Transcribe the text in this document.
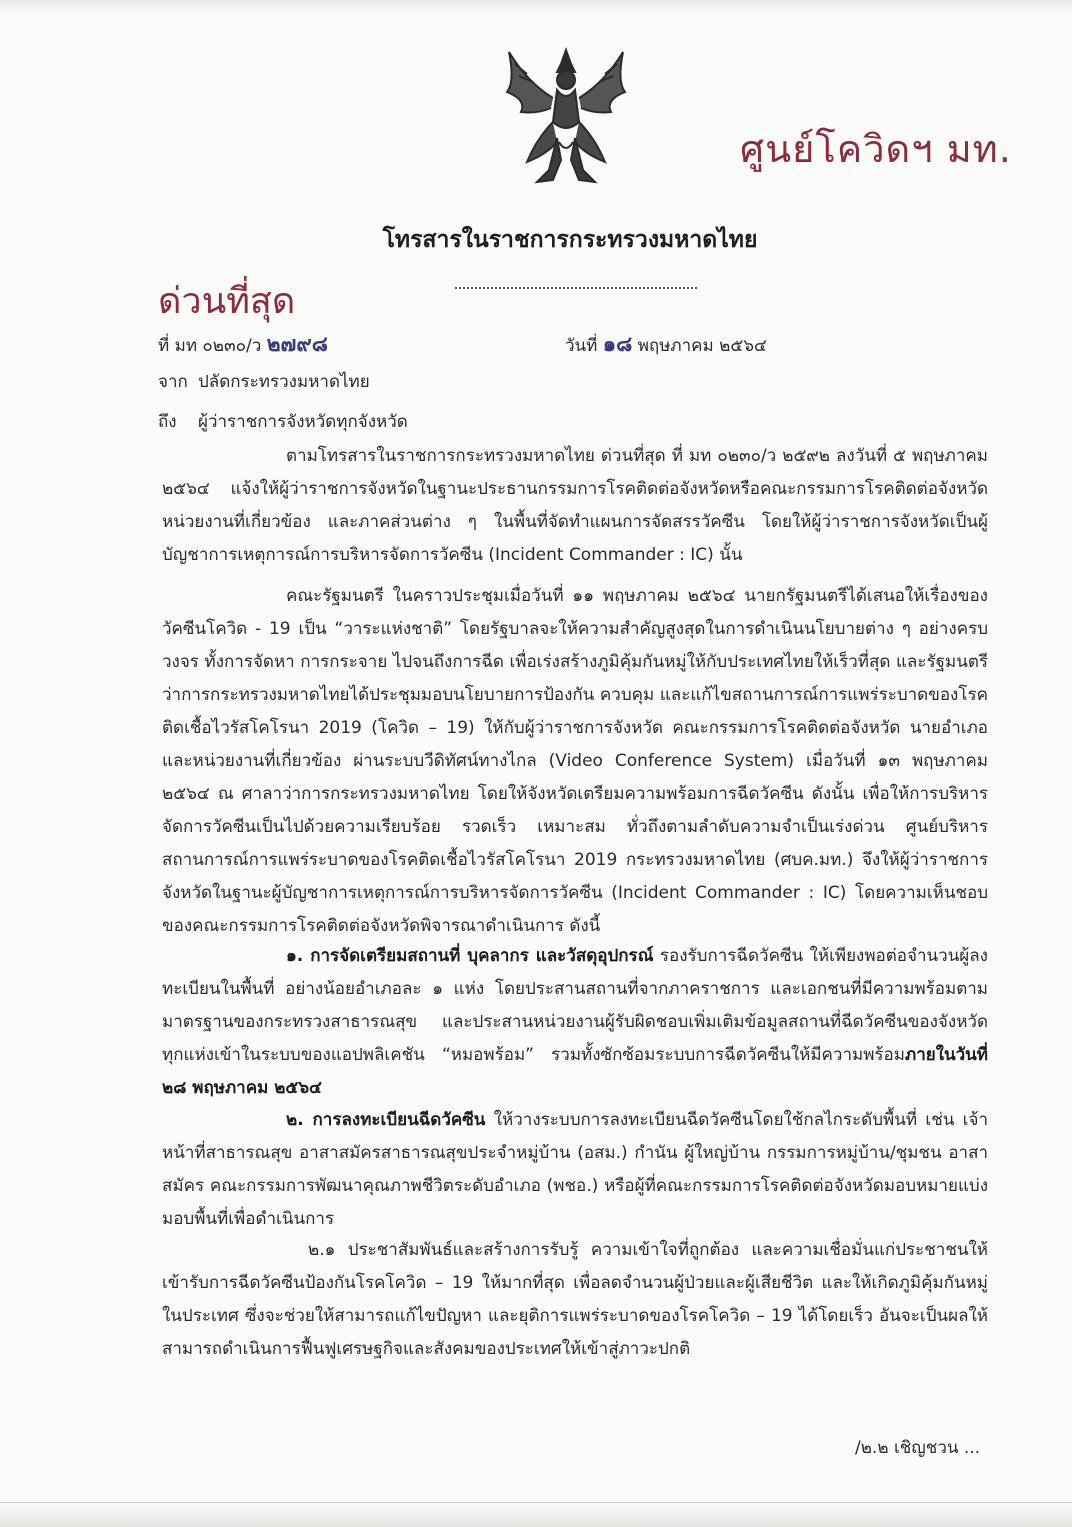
ศูนย์โควิดฯ มท.
โทรสารในราชการกระทรวงมหาดไทย
ด่วนที่สุด
ที่ มท ๐๒๓๐/ว ๒๗๙๘	วันที่ ๑๘ พฤษภาคม ๒๕๖๔
จาก ปลัดกระทรวงมหาดไทย
ถึง ผู้ว่าราชการจังหวัดทุกจังหวัด
ตามโทรสารในราชการกระทรวงมหาดไทย ด่วนที่สุด ที่ มท ๐๒๓๐/ว ๒๕๙๒ ลงวันที่ ๕ พฤษภาคม ๒๕๖๔ แจ้งให้ผู้ว่าราชการจังหวัดในฐานะประธานกรรมการโรคติดต่อจังหวัดหรือคณะกรรมการโรคติดต่อจังหวัด หน่วยงานที่เกี่ยวข้อง และภาคส่วนต่าง ๆ ในพื้นที่จัดทำแผนการจัดสรรวัคซีน โดยให้ผู้ว่าราชการจังหวัดเป็นผู้บัญชาการเหตุการณ์การบริหารจัดการวัคซีน (Incident Commander : IC) นั้น
คณะรัฐมนตรี ในคราวประชุมเมื่อวันที่ ๑๑ พฤษภาคม ๒๕๖๔ นายกรัฐมนตรีได้เสนอให้เรื่องของวัคซีนโควิด - 19 เป็น “วาระแห่งชาติ” โดยรัฐบาลจะให้ความสำคัญสูงสุดในการดำเนินนโยบายต่าง ๆ อย่างครบวงจร ทั้งการจัดหา การกระจาย ไปจนถึงการฉีด เพื่อเร่งสร้างภูมิคุ้มกันหมู่ให้กับประเทศไทยให้เร็วที่สุด และรัฐมนตรีว่าการกระทรวงมหาดไทยได้ประชุมมอบนโยบายการป้องกัน ควบคุม และแก้ไขสถานการณ์การแพร่ระบาดของโรคติดเชื้อไวรัสโคโรนา 2019 (โควิด – 19) ให้กับผู้ว่าราชการจังหวัด คณะกรรมการโรคติดต่อจังหวัด นายอำเภอ และหน่วยงานที่เกี่ยวข้อง ผ่านระบบวีดิทัศน์ทางไกล (Video Conference System) เมื่อวันที่ ๑๓ พฤษภาคม ๒๕๖๔ ณ ศาลาว่าการกระทรวงมหาดไทย โดยให้จังหวัดเตรียมความพร้อมการฉีดวัคซีน ดังนั้น เพื่อให้การบริหารจัดการวัคซีนเป็นไปด้วยความเรียบร้อย รวดเร็ว เหมาะสม ทั่วถึงตามลำดับความจำเป็นเร่งด่วน ศูนย์บริหารสถานการณ์การแพร่ระบาดของโรคติดเชื้อไวรัสโคโรนา 2019 กระทรวงมหาดไทย (ศบค.มท.) จึงให้ผู้ว่าราชการจังหวัดในฐานะผู้บัญชาการเหตุการณ์การบริหารจัดการวัคซีน (Incident Commander : IC) โดยความเห็นชอบของคณะกรรมการโรคติดต่อจังหวัดพิจารณาดำเนินการ ดังนี้
๑. การจัดเตรียมสถานที่ บุคลากร และวัสดุอุปกรณ์ รองรับการฉีดวัคซีน ให้เพียงพอต่อจำนวนผู้ลงทะเบียนในพื้นที่ อย่างน้อยอำเภอละ ๑ แห่ง โดยประสานสถานที่จากภาคราชการ และเอกชนที่มีความพร้อมตามมาตรฐานของกระทรวงสาธารณสุข และประสานหน่วยงานผู้รับผิดชอบเพิ่มเติมข้อมูลสถานที่ฉีดวัคซีนของจังหวัดทุกแห่งเข้าในระบบของแอปพลิเคชัน “หมอพร้อม” รวมทั้งซักซ้อมระบบการฉีดวัคซีนให้มีความพร้อมภายในวันที่ ๒๘ พฤษภาคม ๒๕๖๔
๒. การลงทะเบียนฉีดวัคซีน ให้วางระบบการลงทะเบียนฉีดวัคซีนโดยใช้กลไกระดับพื้นที่ เช่น เจ้าหน้าที่สาธารณสุข อาสาสมัครสาธารณสุขประจำหมู่บ้าน (อสม.) กำนัน ผู้ใหญ่บ้าน กรรมการหมู่บ้าน/ชุมชน อาสาสมัคร คณะกรรมการพัฒนาคุณภาพชีวิตระดับอำเภอ (พชอ.) หรือผู้ที่คณะกรรมการโรคติดต่อจังหวัดมอบหมายแบ่งมอบพื้นที่เพื่อดำเนินการ
๒.๑ ประชาสัมพันธ์และสร้างการรับรู้ ความเข้าใจที่ถูกต้อง และความเชื่อมั่นแก่ประชาชนให้เข้ารับการฉีดวัคซีนป้องกันโรคโควิด – 19 ให้มากที่สุด เพื่อลดจำนวนผู้ป่วยและผู้เสียชีวิต และให้เกิดภูมิคุ้มกันหมู่ในประเทศ ซึ่งจะช่วยให้สามารถแก้ไขปัญหา และยุติการแพร่ระบาดของโรคโควิด – 19 ได้โดยเร็ว อันจะเป็นผลให้สามารถดำเนินการฟื้นฟูเศรษฐกิจและสังคมของประเทศให้เข้าสู่ภาวะปกติ
/๒.๒ เชิญชวน ...
